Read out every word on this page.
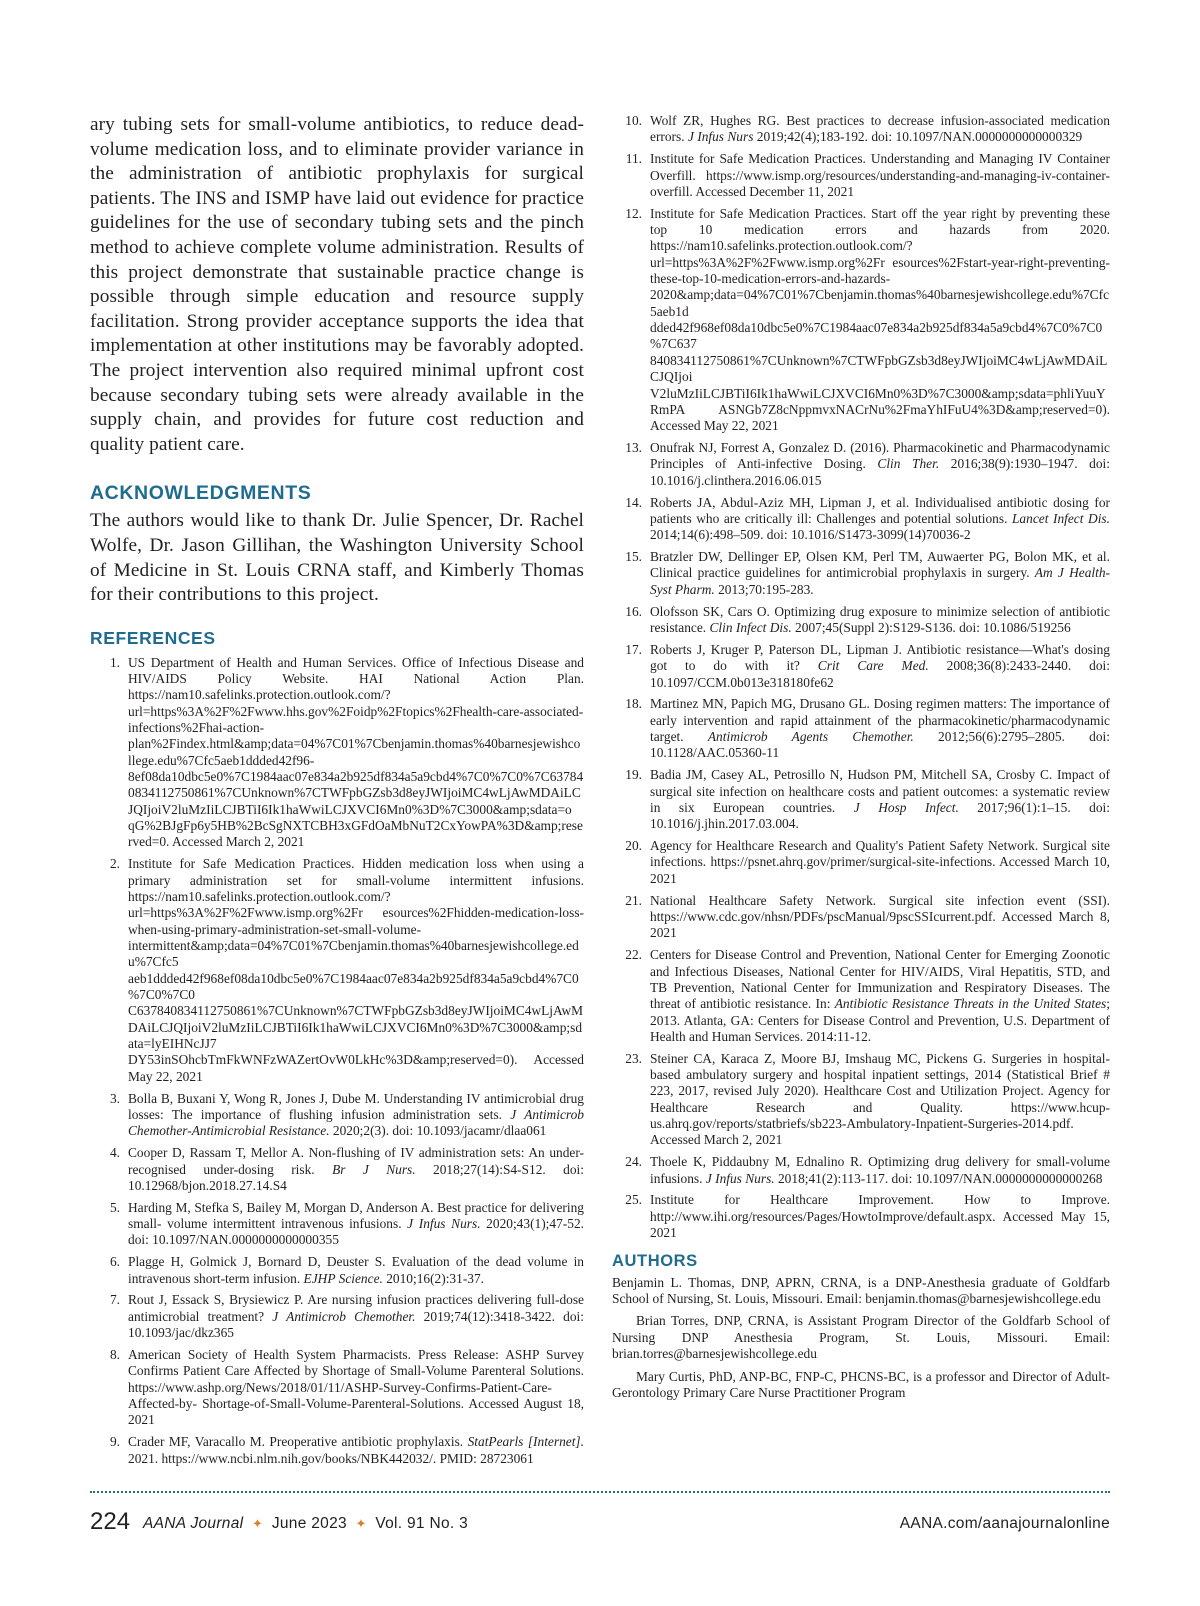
ary tubing sets for small-volume antibiotics, to reduce dead-volume medication loss, and to eliminate provider variance in the administration of antibiotic prophylaxis for surgical patients. The INS and ISMP have laid out evidence for practice guidelines for the use of secondary tubing sets and the pinch method to achieve complete volume administration. Results of this project demonstrate that sustainable practice change is possible through simple education and resource supply facilitation. Strong provider acceptance supports the idea that implementation at other institutions may be favorably adopted. The project intervention also required minimal upfront cost because secondary tubing sets were already available in the supply chain, and provides for future cost reduction and quality patient care.

ACKNOWLEDGMENTS

The authors would like to thank Dr. Julie Spencer, Dr. Rachel Wolfe, Dr. Jason Gillihan, the Washington University School of Medicine in St. Louis CRNA staff, and Kimberly Thomas for their contributions to this project.

REFERENCES
1. US Department of Health and Human Services. Office of Infectious Disease and HIV/AIDS Policy Website. HAI National Action Plan. https://nam10.safelinks.protection.outlook.com/?url=https%3A%2F%2Fwww.hhs.gov%2Foidp%2Ftopics%2Fhealth-care-associated-infections%2Fhai-action-plan%2Findex.html&amp;data=04%7C01%7Cbenjamin.thomas%40barnesjewishcollege.edu%7Cfc5aeb1ddded42f96-8ef08da10dbc5e0%7C1984aac07e834a2b925df834a5a9cbd4%7C0%7C0%7C637840834112750861%7CUnknown%7CTWFpbGZsb3d8eyJWIjoiMC4wLjAwMDAiLCJQIjoiV2luMzIiLCJBTiI6Ik1haWwiLCJXVCI6Mn0%3D%7C3000&amp;sdata=o qG%2BJgFp6y5HB%2BcSgNXTCBH3xGFdOaMbNuT2CxYowPA%3D&amp;reserved=0. Accessed March 2, 2021
2. Institute for Safe Medication Practices. Hidden medication loss when using a primary administration set for small-volume intermittent infusions. https://nam10.safelinks.protection.outlook.com/?url=https%3A%2F%2Fwww.ismp.org%2Fr esources%2Fhidden-medication-loss-when-using-primary-administration-set-small-volume- intermittent&amp;data=04%7C01%7Cbenjamin.thomas%40barnesjewishcollege.edu%7Cfc5 aeb1ddded42f968ef08da10dbc5e0%7C1984aac07e834a2b925df834a5a9cbd4%7C0%7C0%7C0 C637840834112750861%7CUnknown%7CTWFpbGZsb3d8eyJWIjoiMC4wLjAwMDAiLCJQIjoiV2luMzIiLCJBTiI6Ik1haWwiLCJXVCI6Mn0%3D%7C3000&amp;sdata=lyEIHNcJJ7 DY53inSOhcbTmFkWNFzWAZertOvW0LkHc%3D&amp;reserved=0). Accessed May 22, 2021
3. Bolla B, Buxani Y, Wong R, Jones J, Dube M. Understanding IV antimicrobial drug losses: The importance of flushing infusion administration sets. J Antimicrob Chemother-Antimicrobial Resistance. 2020;2(3). doi: 10.1093/jacamr/dlaa061
4. Cooper D, Rassam T, Mellor A. Non-flushing of IV administration sets: An under- recognised under-dosing risk. Br J Nurs. 2018;27(14):S4-S12. doi: 10.12968/bjon.2018.27.14.S4
5. Harding M, Stefka S, Bailey M, Morgan D, Anderson A. Best practice for delivering small- volume intermittent intravenous infusions. J Infus Nurs. 2020;43(1);47-52. doi: 10.1097/NAN.0000000000000355
6. Plagge H, Golmick J, Bornard D, Deuster S. Evaluation of the dead volume in intravenous short-term infusion. EJHP Science. 2010;16(2):31-37.
7. Rout J, Essack S, Brysiewicz P. Are nursing infusion practices delivering full-dose antimicrobial treatment? J Antimicrob Chemother. 2019;74(12):3418-3422. doi: 10.1093/jac/dkz365
8. American Society of Health System Pharmacists. Press Release: ASHP Survey Confirms Patient Care Affected by Shortage of Small-Volume Parenteral Solutions. https://www.ashp.org/News/2018/01/11/ASHP-Survey-Confirms-Patient-Care-Affected-by- Shortage-of-Small-Volume-Parenteral-Solutions. Accessed August 18, 2021
9. Crader MF, Varacallo M. Preoperative antibiotic prophylaxis. StatPearls [Internet]. 2021. https://www.ncbi.nlm.nih.gov/books/NBK442032/. PMID: 28723061
10. Wolf ZR, Hughes RG. Best practices to decrease infusion-associated medication errors. J Infus Nurs 2019;42(4);183-192. doi: 10.1097/NAN.0000000000000329
11. Institute for Safe Medication Practices. Understanding and Managing IV Container Overfill. https://www.ismp.org/resources/understanding-and-managing-iv-container-overfill. Accessed December 11, 2021
12. Institute for Safe Medication Practices. Start off the year right by preventing these top 10 medication errors and hazards from 2020. https://nam10.safelinks.protection.outlook.com/?url=https%3A%2F%2Fwww.ismp.org%2Fr esources%2Fstart-year-right-preventing-these-top-10-medication-errors-and-hazards- 2020&amp;data=04%7C01%7Cbenjamin.thomas%40barnesjewishcollege.edu%7Cfc5aeb1d dded42f968ef08da10dbc5e0%7C1984aac07e834a2b925df834a5a9cbd4%7C0%7C0%7C637 840834112750861%7CUnknown%7CTWFpbGZsb3d8eyJWIjoiMC4wLjAwMDAiLCJQIjoi V2luMzIiLCJBTiI6Ik1haWwiLCJXVCI6Mn0%3D%7C3000&amp;sdata=phliYuuYRmPA ASNGb7Z8cNppmvxNACrNu%2FmaYhIFuU4%3D&amp;reserved=0). Accessed May 22, 2021
13. Onufrak NJ, Forrest A, Gonzalez D. (2016). Pharmacokinetic and Pharmacodynamic Principles of Anti-infective Dosing. Clin Ther. 2016;38(9):1930–1947. doi: 10.1016/j.clinthera.2016.06.015
14. Roberts JA, Abdul-Aziz MH, Lipman J, et al. Individualised antibiotic dosing for patients who are critically ill: Challenges and potential solutions. Lancet Infect Dis. 2014;14(6):498–509. doi: 10.1016/S1473-3099(14)70036-2
15. Bratzler DW, Dellinger EP, Olsen KM, Perl TM, Auwaerter PG, Bolon MK, et al. Clinical practice guidelines for antimicrobial prophylaxis in surgery. Am J Health-Syst Pharm. 2013;70:195-283.
16. Olofsson SK, Cars O. Optimizing drug exposure to minimize selection of antibiotic resistance. Clin Infect Dis. 2007;45(Suppl 2):S129-S136. doi: 10.1086/519256
17. Roberts J, Kruger P, Paterson DL, Lipman J. Antibiotic resistance—What's dosing got to do with it? Crit Care Med. 2008;36(8):2433-2440. doi: 10.1097/CCM.0b013e318180fe62
18. Martinez MN, Papich MG, Drusano GL. Dosing regimen matters: The importance of early intervention and rapid attainment of the pharmacokinetic/pharmacodynamic target. Antimicrob Agents Chemother. 2012;56(6):2795–2805. doi: 10.1128/AAC.05360-11
19. Badia JM, Casey AL, Petrosillo N, Hudson PM, Mitchell SA, Crosby C. Impact of surgical site infection on healthcare costs and patient outcomes: a systematic review in six European countries. J Hosp Infect. 2017;96(1):1–15. doi: 10.1016/j.jhin.2017.03.004.
20. Agency for Healthcare Research and Quality's Patient Safety Network. Surgical site infections. https://psnet.ahrq.gov/primer/surgical-site-infections. Accessed March 10, 2021
21. National Healthcare Safety Network. Surgical site infection event (SSI). https://www.cdc.gov/nhsn/PDFs/pscManual/9pscSSIcurrent.pdf. Accessed March 8, 2021
22. Centers for Disease Control and Prevention, National Center for Emerging Zoonotic and Infectious Diseases, National Center for HIV/AIDS, Viral Hepatitis, STD, and TB Prevention, National Center for Immunization and Respiratory Diseases. The threat of antibiotic resistance. In: Antibiotic Resistance Threats in the United States; 2013. Atlanta, GA: Centers for Disease Control and Prevention, U.S. Department of Health and Human Services. 2014:11-12.
23. Steiner CA, Karaca Z, Moore BJ, Imshaug MC, Pickens G. Surgeries in hospital-based ambulatory surgery and hospital inpatient settings, 2014 (Statistical Brief # 223, 2017, revised July 2020). Healthcare Cost and Utilization Project. Agency for Healthcare Research and Quality. https://www.hcup-us.ahrq.gov/reports/statbriefs/sb223-Ambulatory-Inpatient-Surgeries-2014.pdf. Accessed March 2, 2021
24. Thoele K, Piddaubny M, Ednalino R. Optimizing drug delivery for small-volume infusions. J Infus Nurs. 2018;41(2):113-117. doi: 10.1097/NAN.0000000000000268
25. Institute for Healthcare Improvement. How to Improve. http://www.ihi.org/resources/Pages/HowtoImprove/default.aspx. Accessed May 15, 2021
AUTHORS

Benjamin L. Thomas, DNP, APRN, CRNA, is a DNP-Anesthesia graduate of Goldfarb School of Nursing, St. Louis, Missouri. Email: benjamin.thomas@barnesjewishcollege.edu

Brian Torres, DNP, CRNA, is Assistant Program Director of the Goldfarb School of Nursing DNP Anesthesia Program, St. Louis, Missouri. Email: brian.torres@barnesjewishcollege.edu

Mary Curtis, PhD, ANP-BC, FNP-C, PHCNS-BC, is a professor and Director of Adult-Gerontology Primary Care Nurse Practitioner Program

224 AANA Journal ✦ June 2023 ✦ Vol. 91 No. 3	AANA.com/aanajournalonline
